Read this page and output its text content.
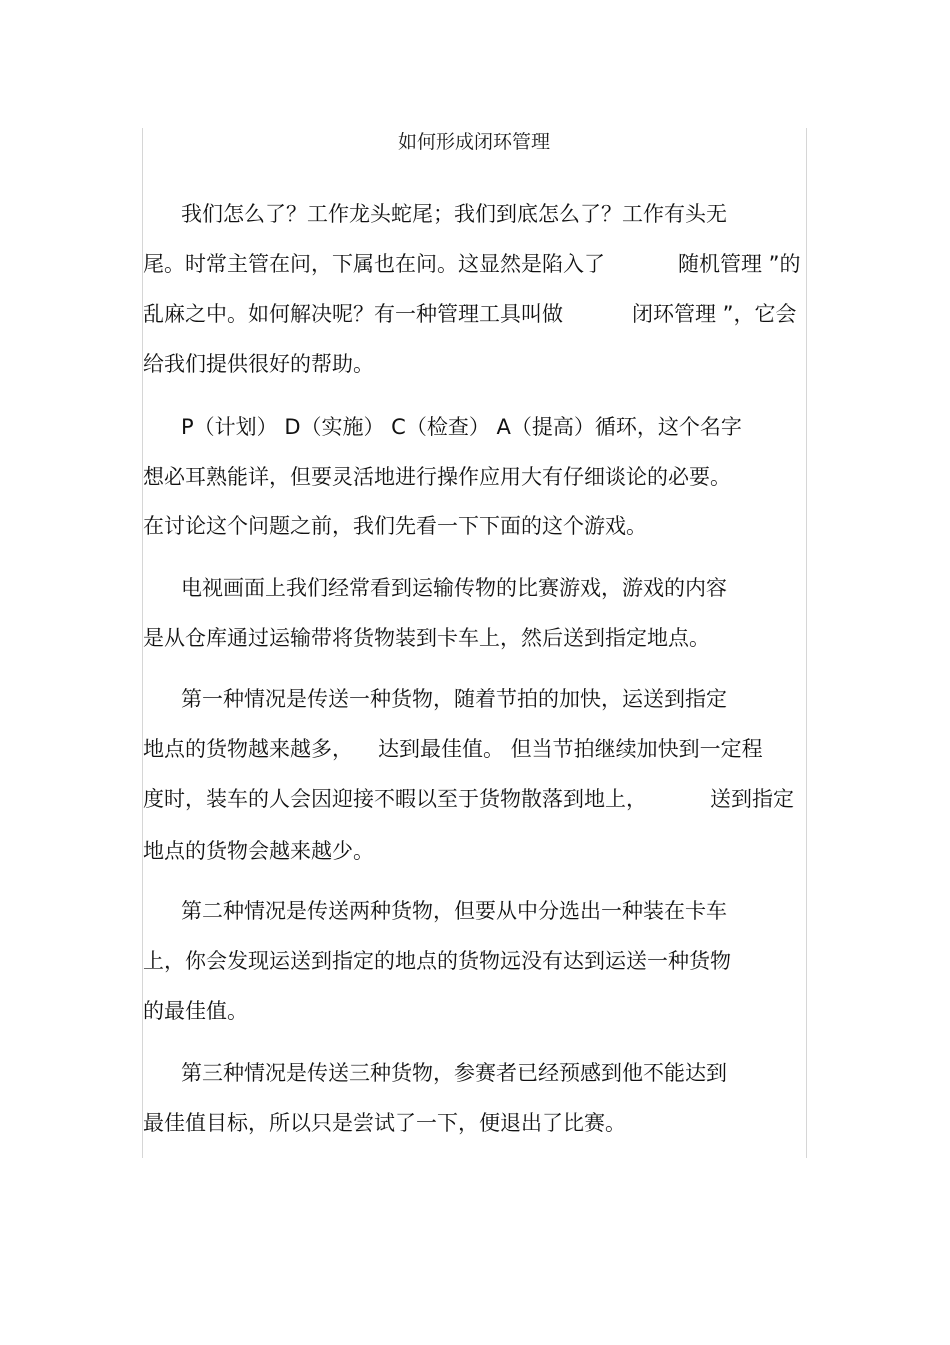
如何形成闭环管理
我们怎么了？工作龙头蛇尾；我们到底怎么了？工作有头无
尾。时常主管在问，下属也在问。这显然是陷入了	随机管理 ”的
乱麻之中。如何解决呢？有一种管理工具叫做	闭环管理 ”，它会
给我们提供很好的帮助。
P（计划） D（实施） C（检查） A（提高）循环，这个名字
想必耳熟能详，但要灵活地进行操作应用大有仔细谈论的必要。
在讨论这个问题之前，我们先看一下下面的这个游戏。
电视画面上我们经常看到运输传物的比赛游戏，游戏的内容
是从仓库通过运输带将货物装到卡车上，然后送到指定地点。
第一种情况是传送一种货物，随着节拍的加快，运送到指定
地点的货物越来越多， 达到最佳值。 但当节拍继续加快到一定程
度时，装车的人会因迎接不暇以至于货物散落到地上，	送到指定
地点的货物会越来越少。
第二种情况是传送两种货物，但要从中分选出一种装在卡车
上，你会发现运送到指定的地点的货物远没有达到运送一种货物
的最佳值。
第三种情况是传送三种货物，参赛者已经预感到他不能达到
最佳值目标，所以只是尝试了一下，便退出了比赛。
